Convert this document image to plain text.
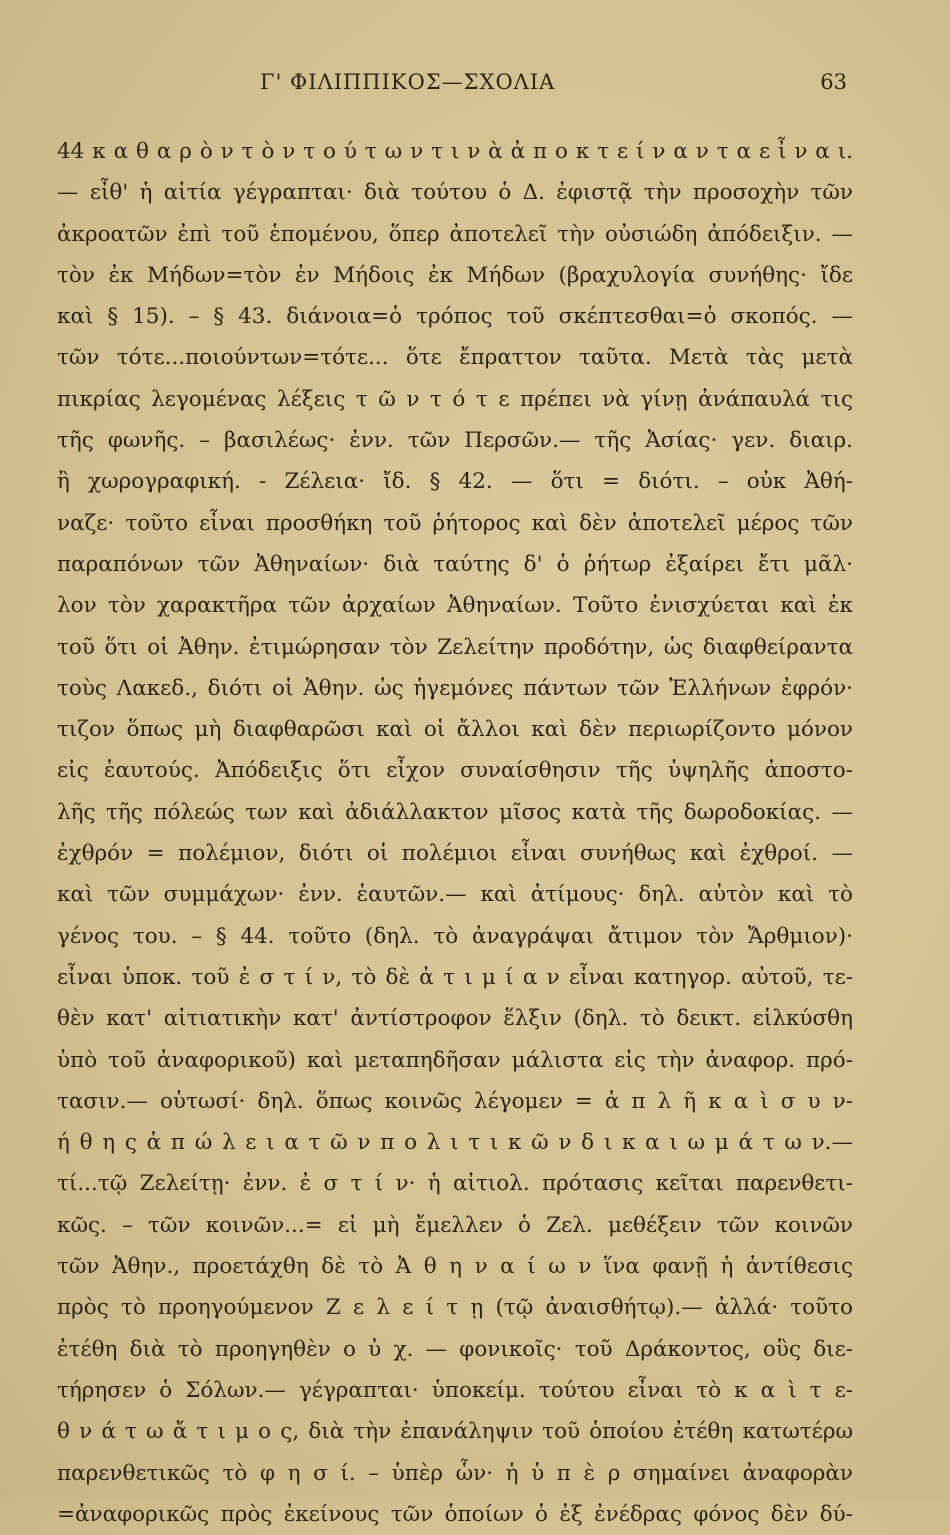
Γ' ΦΙΛΙΠΠΙΚΟΣ—ΣΧΟΛΙΑ	63
44 κ α θ α ρ ὸ ν τ ὸ ν τ ο ύ τ ω ν τ ι ν ὰ ἀ π ο κ τ ε ί ν α ν τ α ε ἶ ν α ι.
— εἶθ' ἡ αἰτία γέγραπται· διὰ τούτου ὁ Δ. ἐφιστᾷ τὴν προσοχὴν τῶν
ἀκροατῶν ἐπὶ τοῦ ἑπομένου, ὅπερ ἀποτελεῖ τὴν οὐσιώδη ἀπόδειξιν. —
τὸν ἐκ Μήδων=τὸν ἐν Μήδοις ἐκ Μήδων (βραχυλογία συνήθης· ἴδε
καὶ § 15). – § 43. διάνοια=ὁ τρόπος τοῦ σκέπτεσθαι=ὁ σκοπός. —
τῶν τότε...ποιούντων=τότε... ὅτε ἔπραττον ταῦτα. Μετὰ τὰς μετὰ
πικρίας λεγομένας λέξεις τ ῶ ν τ ό τ ε πρέπει νὰ γίνῃ ἀνάπαυλά τις
τῆς φωνῆς. – βασιλέως· ἐνν. τῶν Περσῶν.— τῆς Ἀσίας· γεν. διαιρ.
ἢ χωρογραφική. - Ζέλεια· ἴδ. § 42. — ὅτι = διότι. – οὐκ Ἀθή-
ναζε· τοῦτο εἶναι προσθήκη τοῦ ῥήτορος καὶ δὲν ἀποτελεῖ μέρος τῶν
παραπόνων τῶν Ἀθηναίων· διὰ ταύτης δ' ὁ ῥήτωρ ἐξαίρει ἔτι μᾶλ·
λον τὸν χαρακτῆρα τῶν ἀρχαίων Ἀθηναίων. Τοῦτο ἐνισχύεται καὶ ἐκ
τοῦ ὅτι οἱ Ἀθην. ἐτιμώρησαν τὸν Ζελείτην προδότην, ὡς διαφθείραντα
τοὺς Λακεδ., διότι οἱ Ἀθην. ὡς ἡγεμόνες πάντων τῶν Ἑλλήνων ἐφρόν·
τιζον ὅπως μὴ διαφθαρῶσι καὶ οἱ ἄλλοι καὶ δὲν περιωρίζοντο μόνον
εἰς ἑαυτούς. Ἀπόδειξις ὅτι εἶχον συναίσθησιν τῆς ὑψηλῆς ἀποστο-
λῆς τῆς πόλεώς των καὶ ἀδιάλλακτον μῖσος κατὰ τῆς δωροδοκίας. —
ἐχθρόν = πολέμιον, διότι οἱ πολέμιοι εἶναι συνήθως καὶ ἐχθροί. —
καὶ τῶν συμμάχων· ἐνν. ἑαυτῶν.— καὶ ἀτίμους· δηλ. αὐτὸν καὶ τὸ
γένος του. – § 44. τοῦτο (δηλ. τὸ ἀναγράψαι ἄτιμον τὸν Ἄρθμιον)·
εἶναι ὑποκ. τοῦ ἐ σ τ ί ν, τὸ δὲ ἀ τ ι μ ί α ν εἶναι κατηγορ. αὐτοῦ, τε-
θὲν κατ' αἰτιατικὴν κατ' ἀντίστροφον ἕλξιν (δηλ. τὸ δεικτ. εἱλκύσθη
ὑπὸ τοῦ ἀναφορικοῦ) καὶ μεταπηδῆσαν μάλιστα εἰς τὴν ἀναφορ. πρό-
τασιν.— οὑτωσί· δηλ. ὅπως κοινῶς λέγομεν = ἁ π λ ῆ κ α ὶ σ υ ν-
ή θ η ς ἀ π ώ λ ε ι α τ ῶ ν π ο λ ι τ ι κ ῶ ν δ ι κ α ι ω μ ά τ ω ν.—
τί...τῷ Ζελείτῃ· ἐνν. ἐ σ τ ί ν· ἡ αἰτιολ. πρότασις κεῖται παρενθετι-
κῶς. – τῶν κοινῶν...= εἰ μὴ ἔμελλεν ὁ Ζελ. μεθέξειν τῶν κοινῶν
τῶν Ἀθην., προετάχθη δὲ τὸ Ἀ θ η ν α ί ω ν ἵνα φανῇ ἡ ἀντίθεσις
πρὸς τὸ προηγούμενον Ζ ε λ ε ί τ ῃ (τῷ ἀναισθήτῳ).— ἀλλά· τοῦτο
ἐτέθη διὰ τὸ προηγηθὲν ο ὐ χ. — φονικοῖς· τοῦ Δράκοντος, οὓς διε-
τήρησεν ὁ Σόλων.— γέγραπται· ὑποκείμ. τούτου εἶναι τὸ κ α ὶ τ ε-
θ ν ά τ ω ἄ τ ι μ ο ς, διὰ τὴν ἐπανάληψιν τοῦ ὁποίου ἐτέθη κατωτέρω
παρενθετικῶς τὸ φ η σ ί. – ὑπὲρ ὧν· ἡ ὑ π ὲ ρ σημαίνει ἀναφορὰν
=ἀναφορικῶς πρὸς ἐκείνους τῶν ὁποίων ὁ ἐξ ἐνέδρας φόνος δὲν δύ-
